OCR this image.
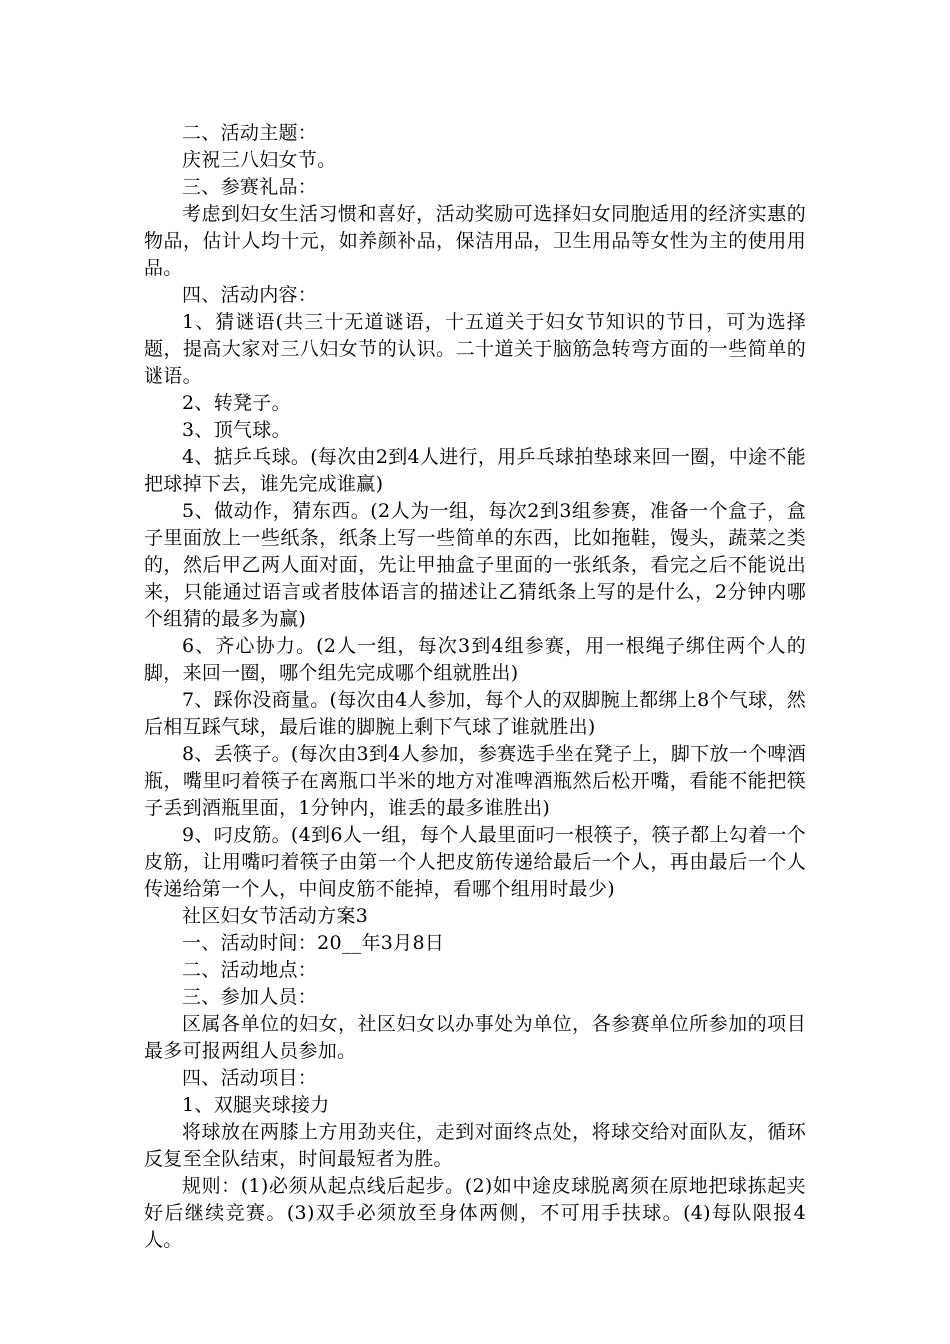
二、活动主题：

庆祝三八妇女节。

三、参赛礼品：

考虑到妇女生活习惯和喜好，活动奖励可选择妇女同胞适用的经济实惠的物品，估计人均十元，如养颜补品，保洁用品，卫生用品等女性为主的使用用品。

四、活动内容：

1、猜谜语(共三十无道谜语，十五道关于妇女节知识的节日，可为选择题，提高大家对三八妇女节的认识。二十道关于脑筋急转弯方面的一些简单的谜语。

2、转凳子。

3、顶气球。

4、掂乒乓球。(每次由2到4人进行，用乒乓球拍垫球来回一圈，中途不能把球掉下去，谁先完成谁赢)

5、做动作，猜东西。(2人为一组，每次2到3组参赛，准备一个盒子，盒子里面放上一些纸条，纸条上写一些简单的东西，比如拖鞋，馒头，蔬菜之类的，然后甲乙两人面对面，先让甲抽盒子里面的一张纸条，看完之后不能说出来，只能通过语言或者肢体语言的描述让乙猜纸条上写的是什么，2分钟内哪个组猜的最多为赢)

6、齐心协力。(2人一组，每次3到4组参赛，用一根绳子绑住两个人的脚，来回一圈，哪个组先完成哪个组就胜出)

7、踩你没商量。(每次由4人参加，每个人的双脚腕上都绑上8个气球，然后相互踩气球，最后谁的脚腕上剩下气球了谁就胜出)

8、丢筷子。(每次由3到4人参加，参赛选手坐在凳子上，脚下放一个啤酒瓶，嘴里叼着筷子在离瓶口半米的地方对准啤酒瓶然后松开嘴，看能不能把筷子丢到酒瓶里面，1分钟内，谁丢的最多谁胜出)

9、叼皮筋。(4到6人一组，每个人最里面叼一根筷子，筷子都上勾着一个皮筋，让用嘴叼着筷子由第一个人把皮筋传递给最后一个人，再由最后一个人传递给第一个人，中间皮筋不能掉，看哪个组用时最少)

社区妇女节活动方案3

一、活动时间：20__年3月8日

二、活动地点：

三、参加人员：

区属各单位的妇女，社区妇女以办事处为单位，各参赛单位所参加的项目最多可报两组人员参加。

四、活动项目：

1、双腿夹球接力

将球放在两膝上方用劲夹住，走到对面终点处，将球交给对面队友，循环反复至全队结束，时间最短者为胜。

规则：(1)必须从起点线后起步。(2)如中途皮球脱离须在原地把球拣起夹好后继续竞赛。(3)双手必须放至身体两侧，不可用手扶球。(4)每队限报4人。
